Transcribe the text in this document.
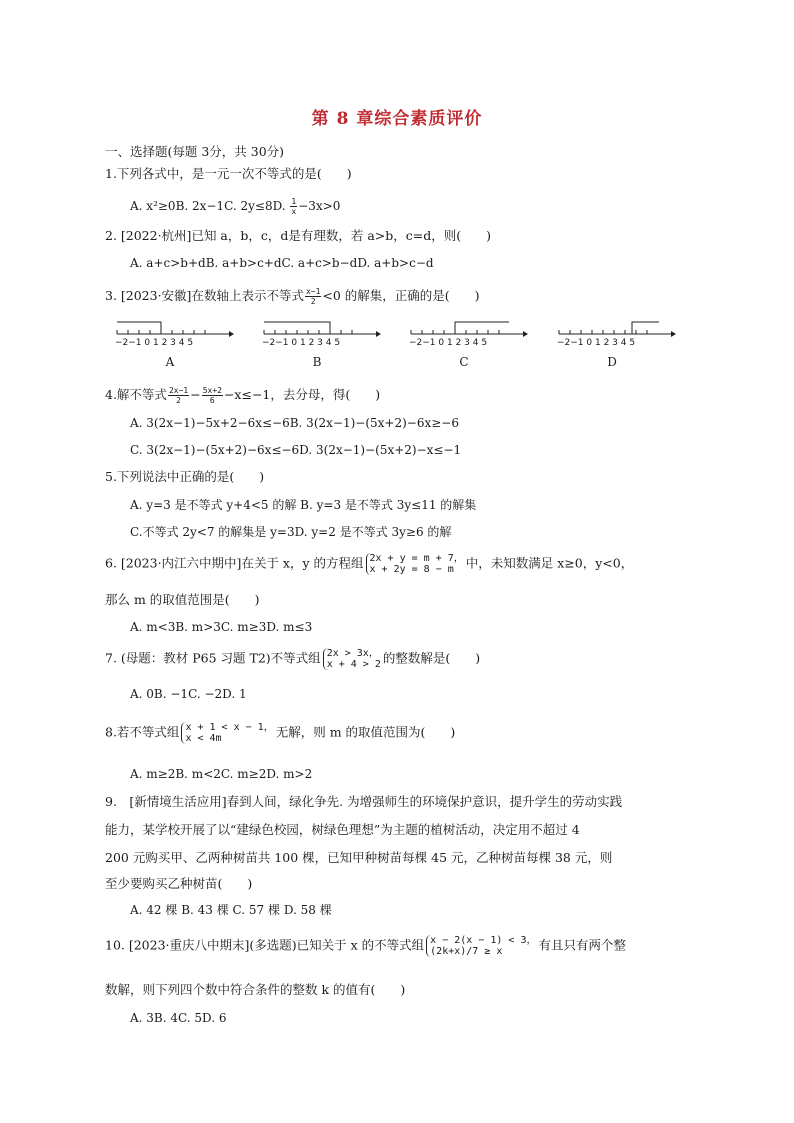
第 8 章综合素质评价
一、选择题(每题 3分，共 30分)
1.下列各式中，是一元一次不等式的是(　　)
A. x²≥0B. 2x−1C. 2y≤8D. $\frac{1}{x} -3x>0$
2. [2022·杭州]已知 a，b，c，d是有理数，若 a>b，c=d，则(　　)
A. a+c>b+dB. a+b>c+dC. a+c>b−dD. a+b>c−d
3. [2023·安徽]在数轴上表示不等式 $\frac{x-1}{2} <0$ 的解集，正确的是(　　)
−2−1 0 1 2 3 4 5
A
−2−1 0 1 2 3 4 5
B
−2−1 0 1 2 3 4 5
C
−2−1 0 1 2 3 4 5
D
4.解不等式 $\frac{2x-1}{2} - \frac{5x+2}{6} -x\le-1$，去分母，得(　　)
A. 3(2x−1)−5x+2−6x≤−6B. 3(2x−1)−(5x+2)−6x≥−6
C. 3(2x−1)−(5x+2)−6x≤−6D. 3(2x−1)−(5x+2)−x≤−1
5.下列说法中正确的是(　　)
A. y=3 是不等式 y+4<5 的解 B. y=3 是不等式 3y≤11 的解集
C.不等式 2y<7 的解集是 y=3D. y=2 是不等式 3y≥6 的解
6. [2023·内江六中期中]在关于 x，y 的方程组 2x + y = m + 7，
x + 2y = 8 − m 中，未知数满足 x≥0，y<0，
那么 m 的取值范围是(　　)
A. m<3B. m>3C. m≥3D. m≤3
7. (母题：教材 P65 习题 T2)不等式组 2x > 3x，
x + 4 > 2 的整数解是(　　)
A. 0B. −1C. −2D. 1
8.若不等式组 x + 1 < x − 1，
x < 4m	无解，则 m 的取值范围为(　　)
A. m≥2B. m<2C. m≥2D. m>2
9.　[新情境生活应用]春到人间，绿化争先. 为增强师生的环境保护意识，提升学生的劳动实践
能力，某学校开展了以“建绿色校园，树绿色理想”为主题的植树活动，决定用不超过 4
200 元购买甲、乙两种树苗共 100 棵，已知甲种树苗每棵 45 元，乙种树苗每棵 38 元，则
至少要购买乙种树苗(　　)
A. 42 棵 B. 43 棵 C. 57 棵 D. 58 棵
10. [2023·重庆八中期末](多选题)已知关于 x 的不等式组 x − 2(x − 1) < 3，
(2k+x)/7 ≥ x	有且只有两个整
数解，则下列四个数中符合条件的整数 k 的值有(　　)
A. 3B. 4C. 5D. 6
